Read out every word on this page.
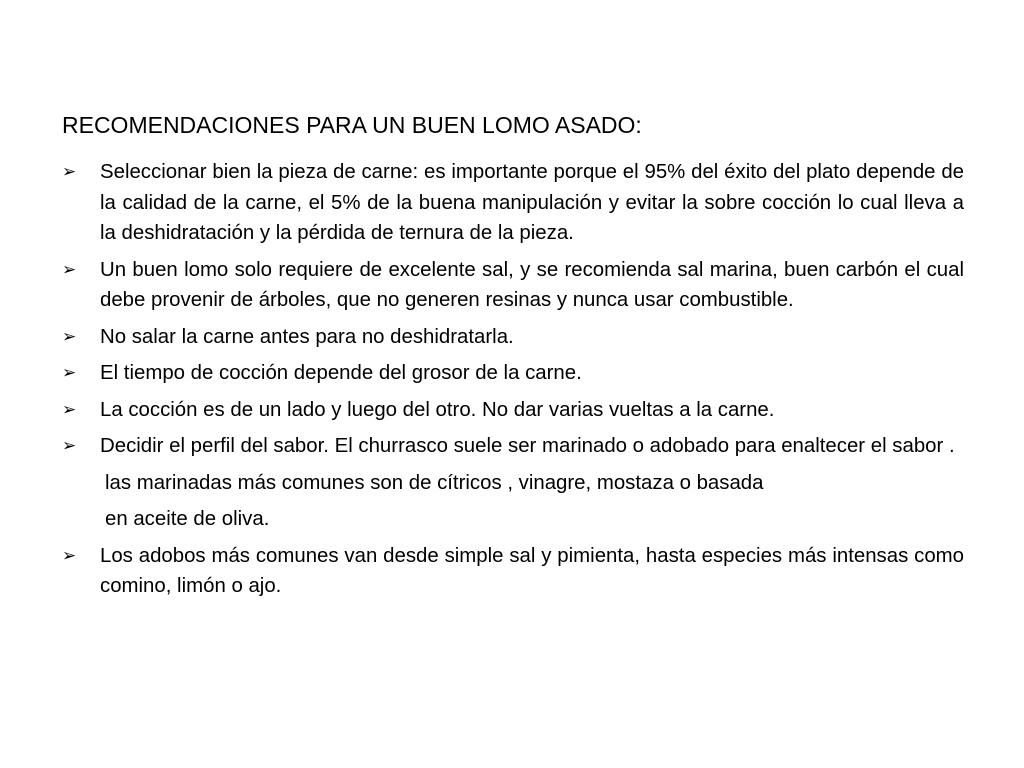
RECOMENDACIONES PARA UN BUEN LOMO ASADO:
➢	Seleccionar bien la pieza de carne: es importante porque el 95% del éxito del plato depende de la calidad de la carne, el 5% de la buena manipulación y evitar la sobre cocción lo cual lleva a la deshidratación y la pérdida de ternura de la pieza.
➢	Un buen lomo solo requiere de excelente sal, y se recomienda sal marina, buen carbón el cual debe provenir de árboles, que no generen resinas y nunca usar combustible.
➢	No salar la carne antes para no deshidratarla.
➢	El tiempo de cocción depende del grosor de la carne.
➢	La cocción es de un lado y luego del otro. No dar varias vueltas a la carne.
➢	Decidir el perfil del sabor. El churrasco suele ser marinado o adobado para enaltecer el sabor .
las marinadas más comunes son de cítricos , vinagre, mostaza o basada
en aceite de oliva.
➢	Los adobos más comunes van desde simple sal y pimienta, hasta especies más intensas como comino, limón o ajo.
